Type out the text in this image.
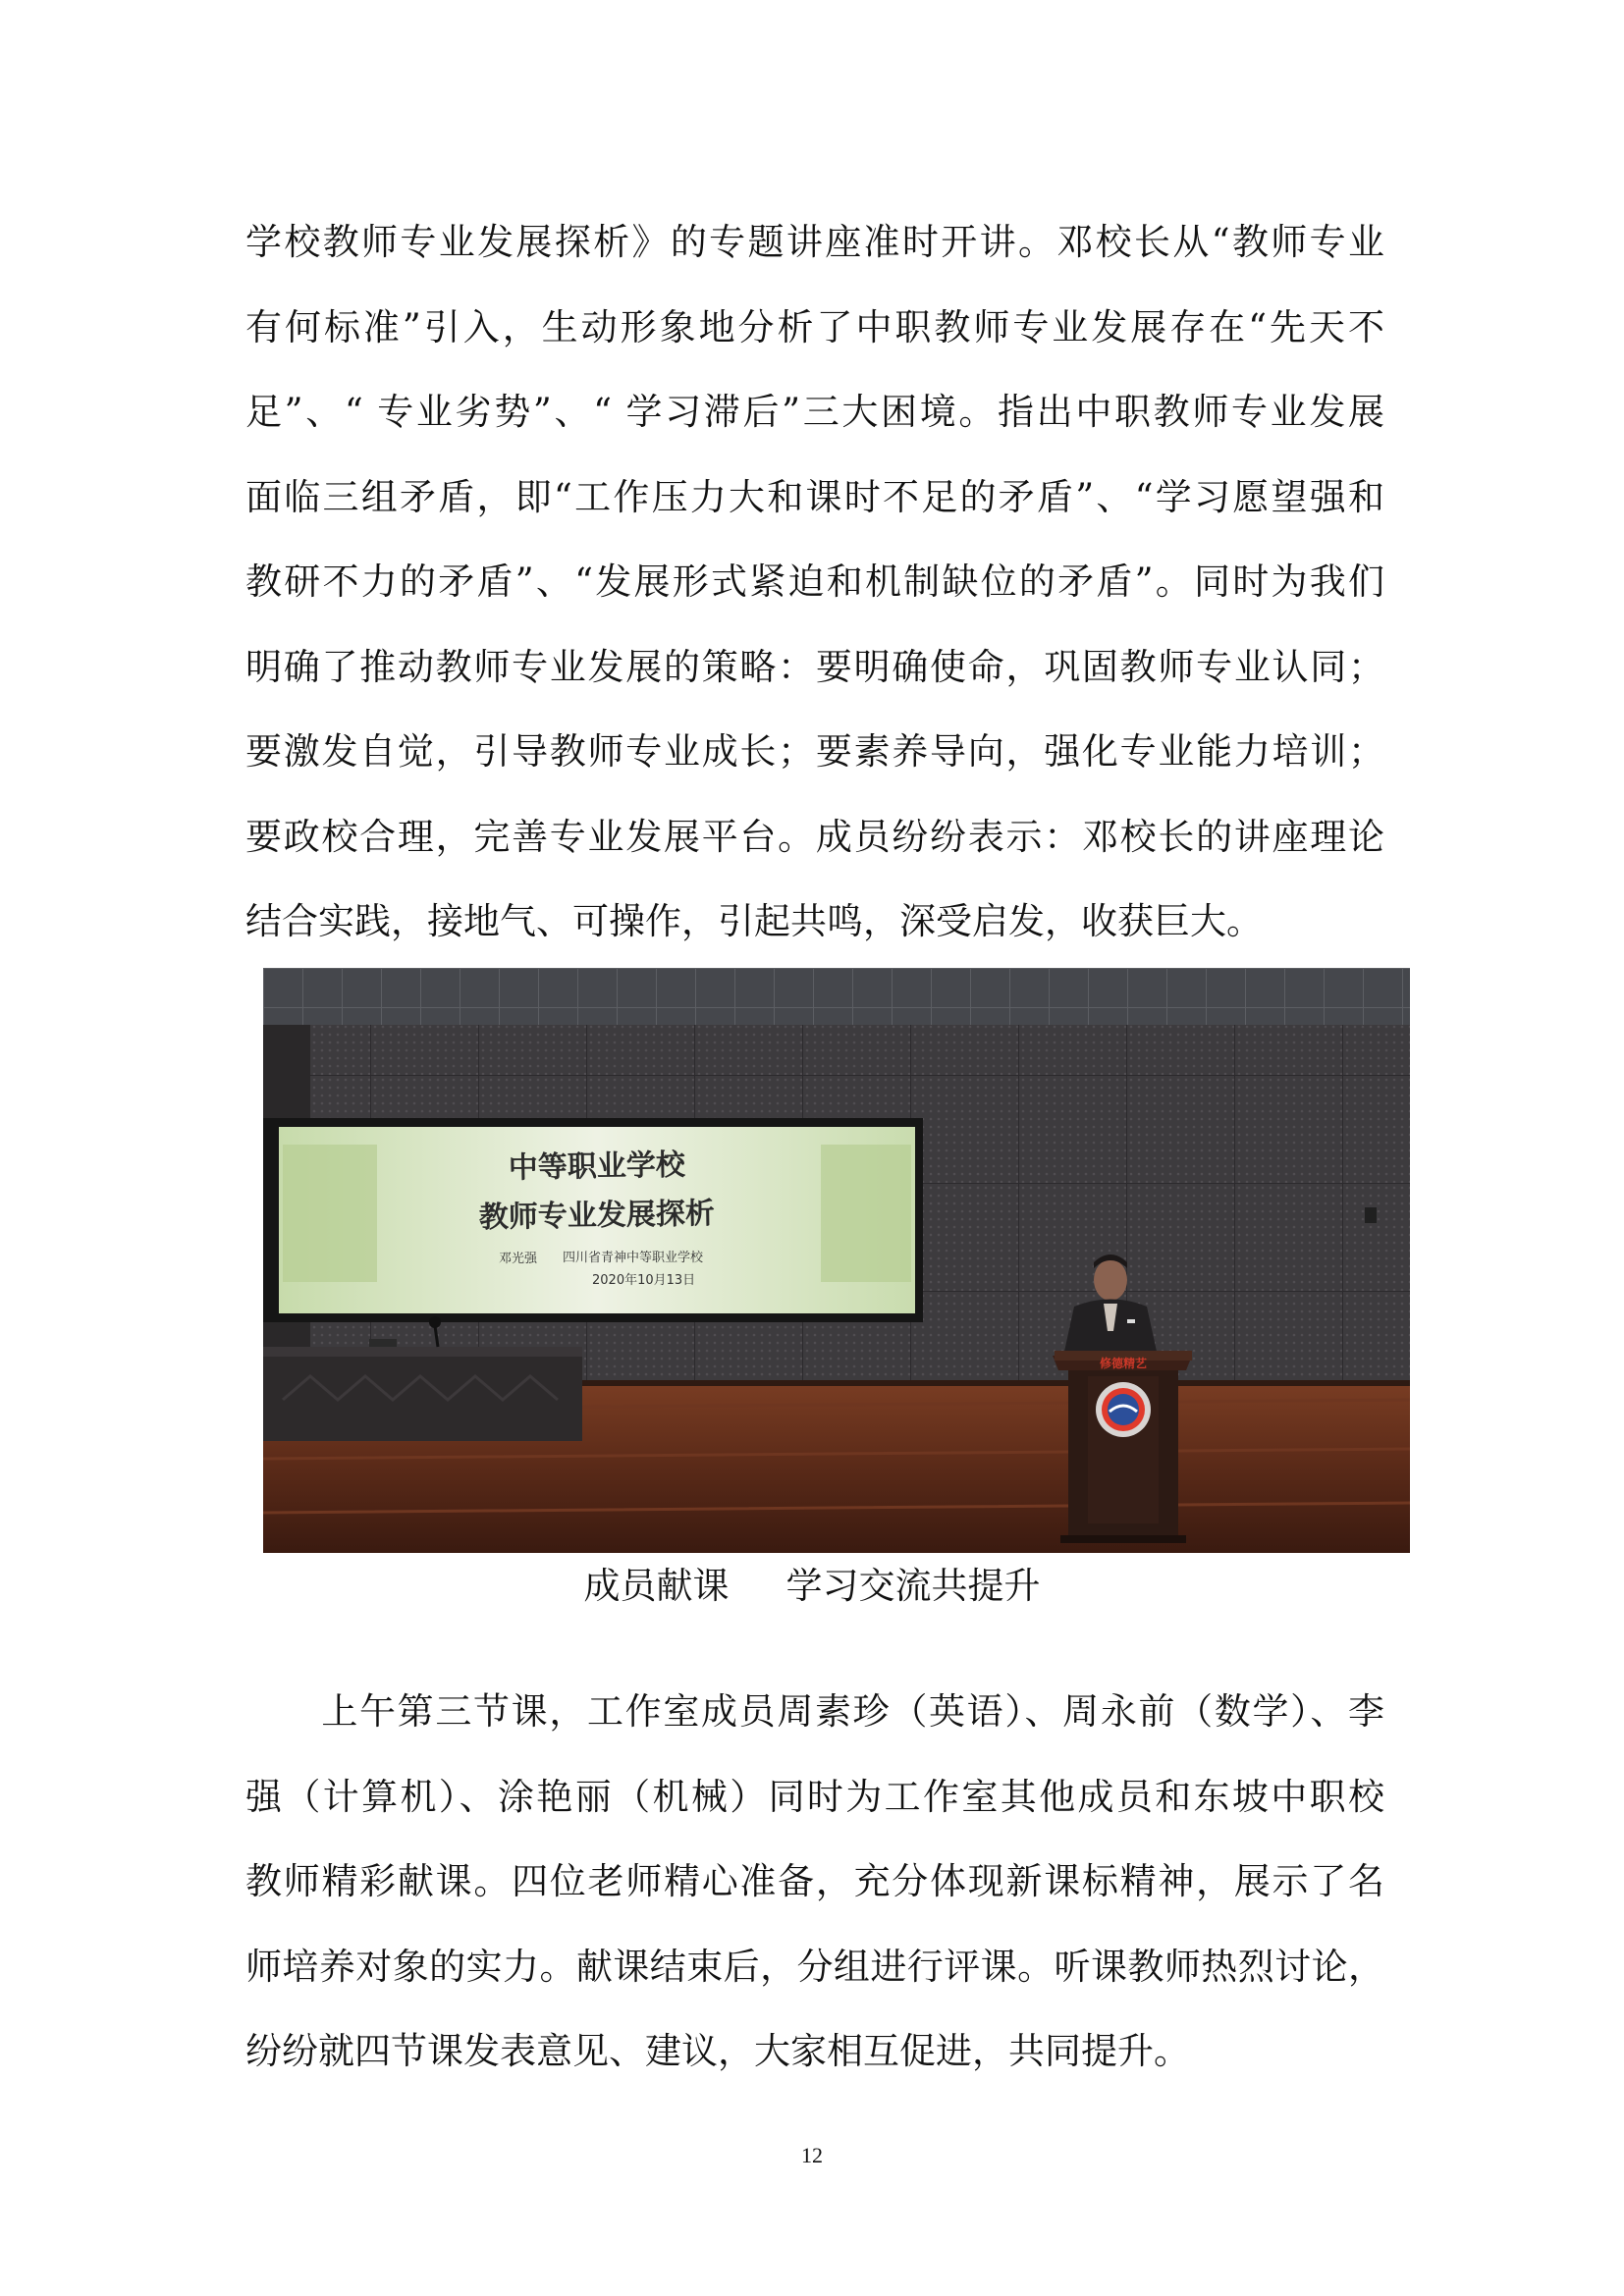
学校教师专业发展探析》的专题讲座准时开讲。邓校长从“教师专业
有何标准”引入，生动形象地分析了中职教师专业发展存在“先天不
足”、“ 专业劣势”、“ 学习滞后”三大困境。指出中职教师专业发展
面临三组矛盾，即“工作压力大和课时不足的矛盾”、“学习愿望强和
教研不力的矛盾”、“发展形式紧迫和机制缺位的矛盾”。同时为我们
明确了推动教师专业发展的策略：要明确使命，巩固教师专业认同；
要激发自觉，引导教师专业成长；要素养导向，强化专业能力培训；
要政校合理，完善专业发展平台。成员纷纷表示：邓校长的讲座理论
结合实践，接地气、可操作，引起共鸣，深受启发，收获巨大。
中等职业学校
教师专业发展探析
邓光强 四川省青神中等职业学校
2020年10月13日
修德精艺

成员献课 学习交流共提升

　　上午第三节课，工作室成员周素珍（英语）、周永前（数学）、李
强（计算机）、涂艳丽（机械）同时为工作室其他成员和东坡中职校
教师精彩献课。四位老师精心准备，充分体现新课标精神，展示了名
师培养对象的实力。献课结束后，分组进行评课。听课教师热烈讨论，
纷纷就四节课发表意见、建议，大家相互促进，共同提升。
12
